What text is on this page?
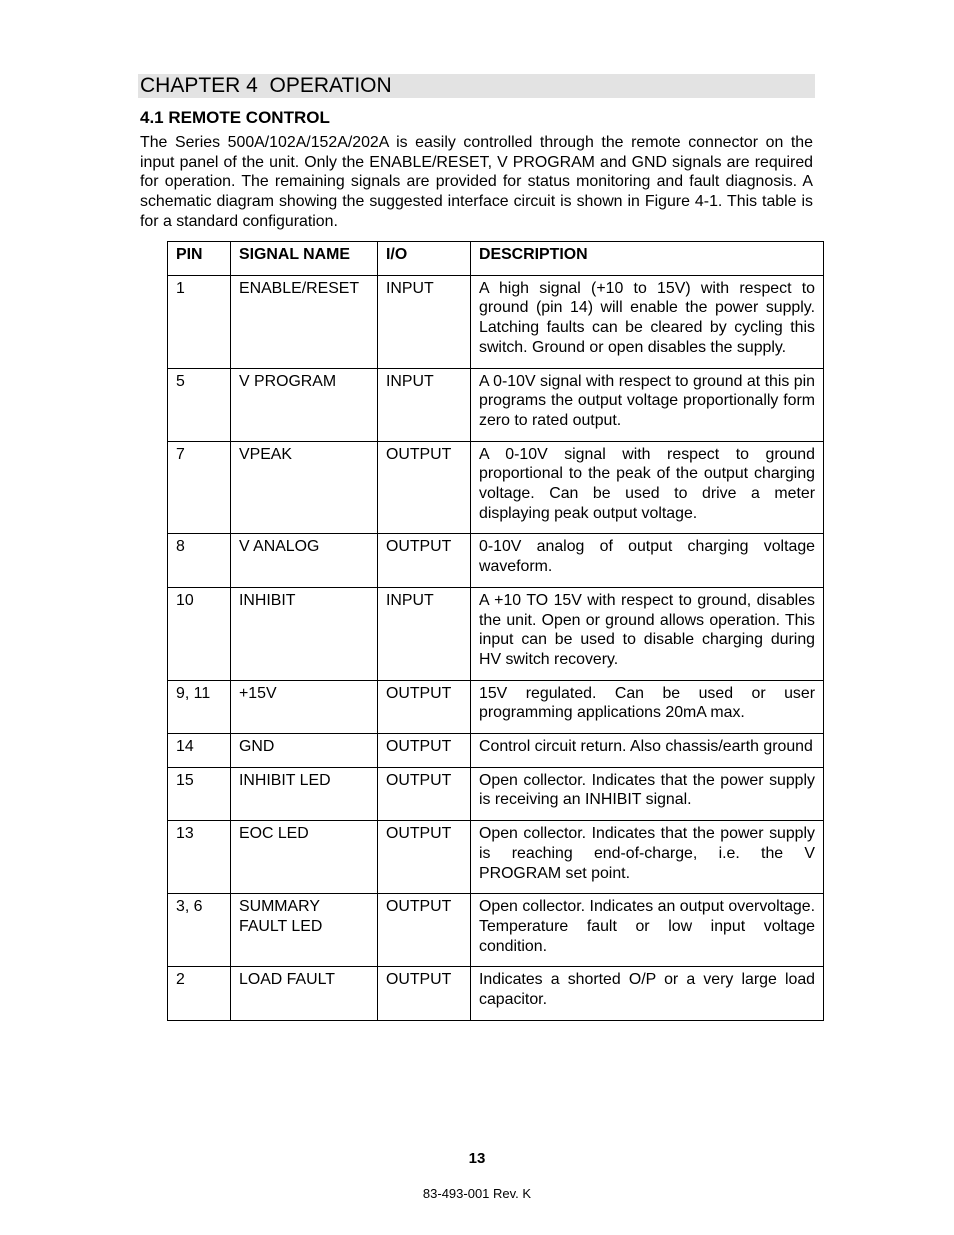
CHAPTER 4  OPERATION
4.1 REMOTE CONTROL

The Series 500A/102A/152A/202A is easily controlled through the remote connector on the input panel of the unit. Only the ENABLE/RESET, V PROGRAM and GND signals are required for operation. The remaining signals are provided for status monitoring and fault diagnosis. A schematic diagram showing the suggested interface circuit is shown in Figure 4-1. This table is for a standard configuration.

PIN	SIGNAL NAME	I/O	DESCRIPTION
1	ENABLE/RESET	INPUT	A high signal (+10 to 15V) with respect to ground (pin 14) will enable the power supply. Latching faults can be cleared by cycling this switch. Ground or open disables the supply.
5	V PROGRAM	INPUT	A 0-10V signal with respect to ground at this pin programs the output voltage proportionally form zero to rated output.
7	VPEAK	OUTPUT	A 0-10V signal with respect to ground proportional to the peak of the output charging voltage. Can be used to drive a meter displaying peak output voltage.
8	V ANALOG	OUTPUT	0-10V analog of output charging voltage waveform.
10	INHIBIT	INPUT	A +10 TO 15V with respect to ground, disables the unit. Open or ground allows operation. This input can be used to disable charging during HV switch recovery.
9, 11	+15V	OUTPUT	15V regulated. Can be used or user programming applications 20mA max.
14	GND	OUTPUT	Control circuit return. Also chassis/earth ground
15	INHIBIT LED	OUTPUT	Open collector. Indicates that the power supply is receiving an INHIBIT signal.
13	EOC LED	OUTPUT	Open collector. Indicates that the power supply is reaching end-of-charge, i.e. the V PROGRAM set point.
3, 6	SUMMARY FAULT LED	OUTPUT	Open collector. Indicates an output overvoltage. Temperature fault or low input voltage condition.
2	LOAD FAULT	OUTPUT	Indicates a shorted O/P or a very large load capacitor.
13
83-493-001 Rev. K
